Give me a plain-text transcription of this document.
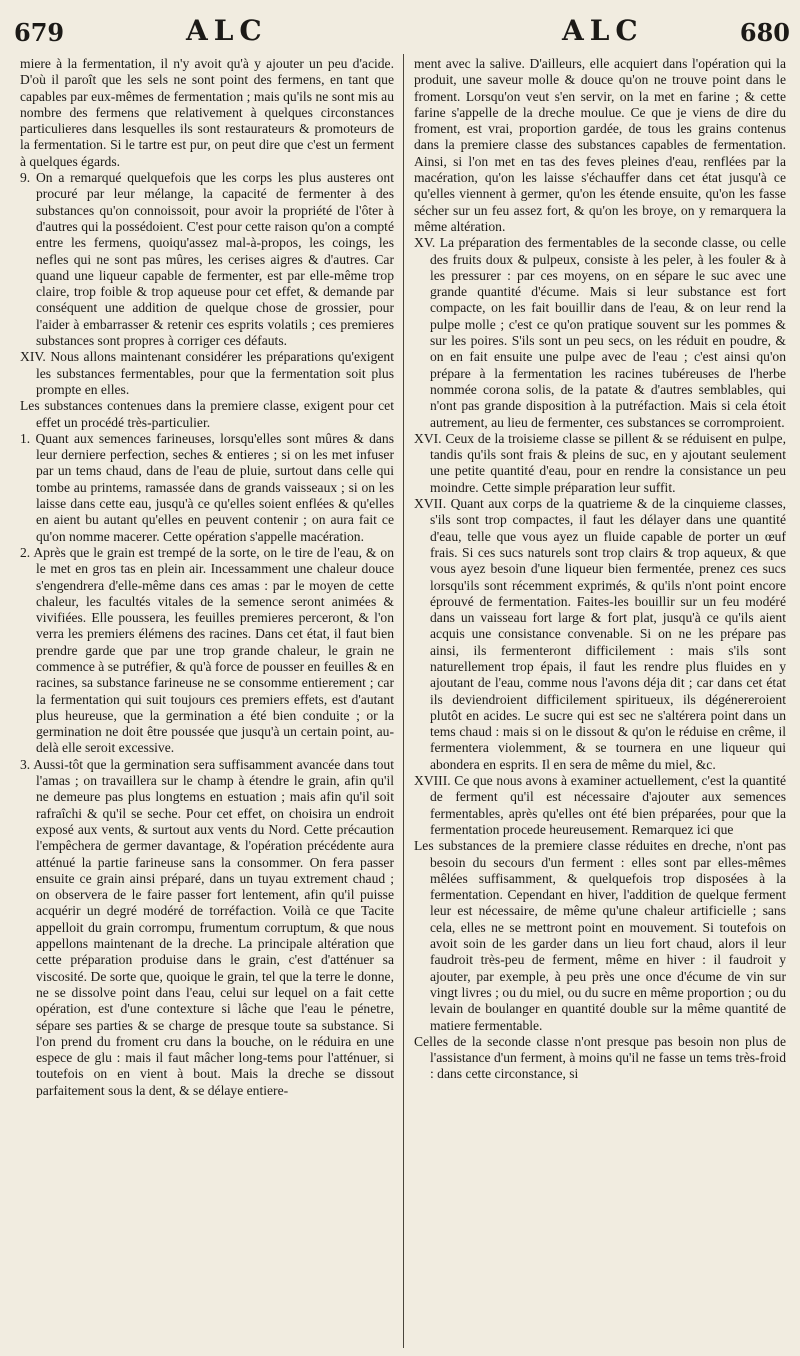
679	ALC	ALC	680

miere à la fermentation, il n'y avoit qu'à y ajouter un peu d'acide. D'où il paroît que les sels ne sont point des fermens, en tant que capables par eux-mêmes de fermentation ; mais qu'ils ne sont mis au nombre des fermens que relativement à quelques circonstances particulieres dans lesquelles ils sont restaurateurs & promoteurs de la fermentation. Si le tartre est pur, on peut dire que c'est un ferment à quelques égards.

9. On a remarqué quelquefois que les corps les plus austeres ont procuré par leur mélange, la capacité de fermenter à des substances qu'on connoissoit, pour avoir la propriété de l'ôter à d'autres qui la possédoient. C'est pour cette raison qu'on a compté entre les fermens, quoiqu'assez mal-à-propos, les coings, les nefles qui ne sont pas mûres, les cerises aigres & d'autres. Car quand une liqueur capable de fermenter, est par elle-même trop claire, trop foible & trop aqueuse pour cet effet, & demande par conséquent une addition de quelque chose de grossier, pour l'aider à embarrasser & retenir ces esprits volatils ; ces premieres substances sont propres à corriger ces défauts.

XIV. Nous allons maintenant considérer les préparations qu'exigent les substances fermentables, pour que la fermentation soit plus prompte en elles.

Les substances contenues dans la premiere classe, exigent pour cet effet un procédé très-particulier.

1. Quant aux semences farineuses, lorsqu'elles sont mûres & dans leur derniere perfection, seches & entieres ; si on les met infuser par un tems chaud, dans de l'eau de pluie, surtout dans celle qui tombe au printems, ramassée dans de grands vaisseaux ; si on les laisse dans cette eau, jusqu'à ce qu'elles soient enflées & qu'elles en aient bu autant qu'elles en peuvent contenir ; on aura fait ce qu'on nomme macerer. Cette opération s'appelle macération.

2. Après que le grain est trempé de la sorte, on le tire de l'eau, & on le met en gros tas en plein air. Incessamment une chaleur douce s'engendrera d'elle-même dans ces amas : par le moyen de cette chaleur, les facultés vitales de la semence seront animées & vivifiées. Elle poussera, les feuilles premieres perceront, & l'on verra les premiers élémens des racines. Dans cet état, il faut bien prendre garde que par une trop grande chaleur, le grain ne commence à se putréfier, & qu'à force de pousser en feuilles & en racines, sa substance farineuse ne se consomme entierement ; car la fermentation qui suit toujours ces premiers effets, est d'autant plus heureuse, que la germination a été bien conduite ; or la germination ne doit être poussée que jusqu'à un certain point, au-delà elle seroit excessive.

3. Aussi-tôt que la germination sera suffisamment avancée dans tout l'amas ; on travaillera sur le champ à étendre le grain, afin qu'il ne demeure pas plus longtems en estuation ; mais afin qu'il soit rafraîchi & qu'il se seche. Pour cet effet, on choisira un endroit exposé aux vents, & surtout aux vents du Nord. Cette précaution l'empêchera de germer davantage, & l'opération précédente aura atténué la partie farineuse sans la consommer. On fera passer ensuite ce grain ainsi préparé, dans un tuyau extrement chaud ; on observera de le faire passer fort lentement, afin qu'il puisse acquérir un degré modéré de torréfaction. Voilà ce que Tacite appelloit du grain corrompu, frumentum corruptum, & que nous appellons maintenant de la dreche. La principale altération que cette préparation produise dans le grain, c'est d'atténuer sa viscosité. De sorte que, quoique le grain, tel que la terre le donne, ne se dissolve point dans l'eau, celui sur lequel on a fait cette opération, est d'une contexture si lâche que l'eau le pénetre, sépare ses parties & se charge de presque toute sa substance. Si l'on prend du froment cru dans la bouche, on le réduira en une espece de glu : mais il faut mâcher long-tems pour l'atténuer, si toutefois on en vient à bout. Mais la dreche se dissout parfaitement sous la dent, & se délaye entiere-

ment avec la salive. D'ailleurs, elle acquiert dans l'opération qui la produit, une saveur molle & douce qu'on ne trouve point dans le froment. Lorsqu'on veut s'en servir, on la met en farine ; & cette farine s'appelle de la dreche moulue. Ce que je viens de dire du froment, est vrai, proportion gardée, de tous les grains contenus dans la premiere classe des substances capables de fermentation. Ainsi, si l'on met en tas des feves pleines d'eau, renflées par la macération, qu'on les laisse s'échauffer dans cet état jusqu'à ce qu'elles viennent à germer, qu'on les étende ensuite, qu'on les fasse sécher sur un feu assez fort, & qu'on les broye, on y remarquera la même altération.

XV. La préparation des fermentables de la seconde classe, ou celle des fruits doux & pulpeux, consiste à les peler, à les fouler & à les pressurer : par ces moyens, on en sépare le suc avec une grande quantité d'écume. Mais si leur substance est fort compacte, on les fait bouillir dans de l'eau, & on leur rend la pulpe molle ; c'est ce qu'on pratique souvent sur les pommes & sur les poires. S'ils sont un peu secs, on les réduit en poudre, & on en fait ensuite une pulpe avec de l'eau ; c'est ainsi qu'on prépare à la fermentation les racines tubéreuses de l'herbe nommée corona solis, de la patate & d'autres semblables, qui n'ont pas grande disposition à la putréfaction. Mais si cela étoit autrement, au lieu de fermenter, ces substances se corromproient.

XVI. Ceux de la troisieme classe se pillent & se réduisent en pulpe, tandis qu'ils sont frais & pleins de suc, en y ajoutant seulement une petite quantité d'eau, pour en rendre la consistance un peu moindre. Cette simple préparation leur suffit.

XVII. Quant aux corps de la quatrieme & de la cinquieme classes, s'ils sont trop compactes, il faut les délayer dans une quantité d'eau, telle que vous ayez un fluide capable de porter un œuf frais. Si ces sucs naturels sont trop clairs & trop aqueux, & que vous ayez besoin d'une liqueur bien fermentée, prenez ces sucs lorsqu'ils sont récemment exprimés, & qu'ils n'ont point encore éprouvé de fermentation. Faites-les bouillir sur un feu modéré dans un vaisseau fort large & fort plat, jusqu'à ce qu'ils aient acquis une consistance convenable. Si on ne les prépare pas ainsi, ils fermenteront difficilement : mais s'ils sont naturellement trop épais, il faut les rendre plus fluides en y ajoutant de l'eau, comme nous l'avons déja dit ; car dans cet état ils deviendroient difficilement spiritueux, ils dégénereroient plutôt en acides. Le sucre qui est sec ne s'altérera point dans un tems chaud : mais si on le dissout & qu'on le réduise en crême, il fermentera violemment, & se tournera en une liqueur qui abondera en esprits. Il en sera de même du miel, &c.

XVIII. Ce que nous avons à examiner actuellement, c'est la quantité de ferment qu'il est nécessaire d'ajouter aux semences fermentables, après qu'elles ont été bien préparées, pour que la fermentation procede heureusement. Remarquez ici que

Les substances de la premiere classe réduites en dreche, n'ont pas besoin du secours d'un ferment : elles sont par elles-mêmes mêlées suffisamment, & quelquefois trop disposées à la fermentation. Cependant en hiver, l'addition de quelque ferment leur est nécessaire, de même qu'une chaleur artificielle ; sans cela, elles ne se mettront point en mouvement. Si toutefois on avoit soin de les garder dans un lieu fort chaud, alors il leur faudroit très-peu de ferment, même en hiver : il faudroit y ajouter, par exemple, à peu près une once d'écume de vin sur vingt livres ; ou du miel, ou du sucre en même proportion ; ou du levain de boulanger en quantité double sur la même quantité de matiere fermentable.

Celles de la seconde classe n'ont presque pas besoin non plus de l'assistance d'un ferment, à moins qu'il ne fasse un tems très-froid : dans cette circonstance, si
